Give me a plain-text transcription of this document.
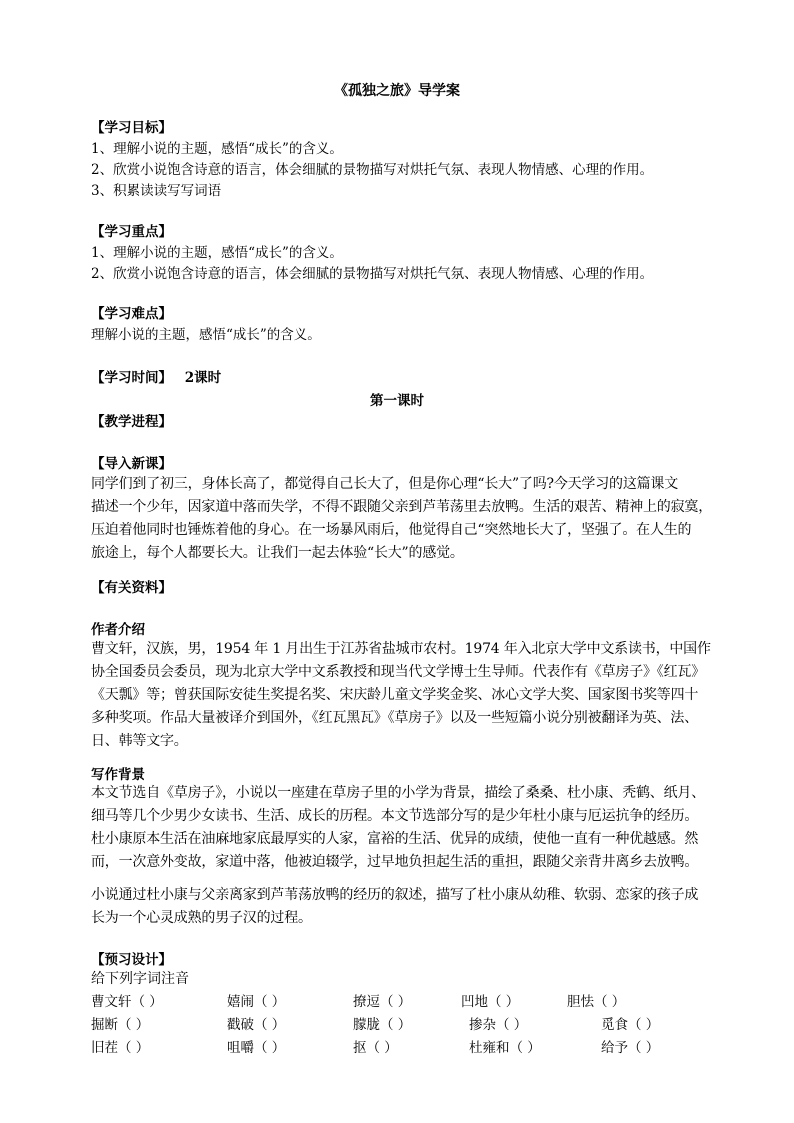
《孤独之旅》导学案
【学习目标】
1、理解小说的主题，感悟“成长”的含义。
2、欣赏小说饱含诗意的语言，体会细腻的景物描写对烘托气氛、表现人物情感、心理的作用。
3、积累读读写写词语
【学习重点】
1、理解小说的主题，感悟“成长”的含义。
2、欣赏小说饱含诗意的语言，体会细腻的景物描写对烘托气氛、表现人物情感、心理的作用。
【学习难点】
理解小说的主题，感悟“成长”的含义。
【学习时间】 2课时
第一课时
【教学进程】
【导入新课】
同学们到了初三，身体长高了，都觉得自己长大了，但是你心理“长大”了吗?今天学习的这篇课文
描述一个少年，因家道中落而失学，不得不跟随父亲到芦苇荡里去放鸭。生活的艰苦、精神上的寂寞，
压迫着他同时也锤炼着他的身心。在一场暴风雨后，他觉得自己“突然地长大了，坚强了。在人生的
旅途上，每个人都要长大。让我们一起去体验“长大”的感觉。
【有关资料】
作者介绍
曹文轩，汉族，男，1954 年 1 月出生于江苏省盐城市农村。1974 年入北京大学中文系读书，中国作
协全国委员会委员，现为北京大学中文系教授和现当代文学博士生导师。代表作有《草房子》《红瓦》
《天瓢》等；曾获国际安徒生奖提名奖、宋庆龄儿童文学奖金奖、冰心文学大奖、国家图书奖等四十
多种奖项。作品大量被译介到国外，《红瓦黑瓦》《草房子》以及一些短篇小说分别被翻译为英、法、
日、韩等文字。
写作背景
本文节选自《草房子》，小说以一座建在草房子里的小学为背景，描绘了桑桑、杜小康、秃鹤、纸月、
细马等几个少男少女读书、生活、成长的历程。本文节选部分写的是少年杜小康与厄运抗争的经历。
杜小康原本生活在油麻地家底最厚实的人家，富裕的生活、优异的成绩，使他一直有一种优越感。然
而，一次意外变故，家道中落，他被迫辍学，过早地负担起生活的重担，跟随父亲背井离乡去放鸭。
小说通过杜小康与父亲离家到芦苇荡放鸭的经历的叙述，描写了杜小康从幼稚、软弱、恋家的孩子成
长为一个心灵成熟的男子汉的过程。
【预习设计】
给下列字词注音
曹文轩（ ）	嬉闹（ ）	撩逗（ ）	凹地（ ）	胆怯（ ）
掘断（ ）	戳破（ ）	朦胧（ ）	掺杂（ ）	觅食（ ）
旧茬（ ）	咀嚼（ ）	抠（ ）	杜雍和（ ）	给予（ ）
